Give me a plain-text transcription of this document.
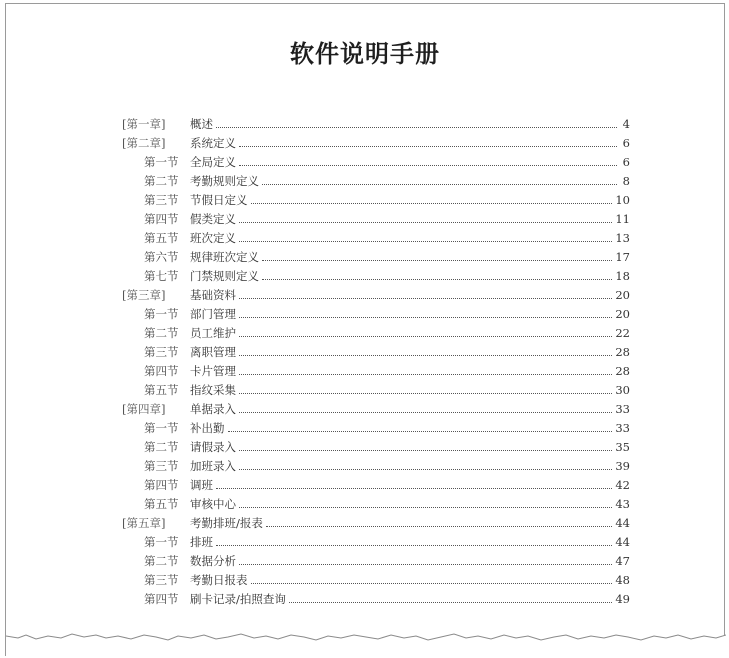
软件说明手册
[第一章]	概述	4
[第二章]	系统定义	6
第一节	全局定义	6
第二节	考勤规则定义	8
第三节	节假日定义	10
第四节	假类定义	11
第五节	班次定义	13
第六节	规律班次定义	17
第七节	门禁规则定义	18
[第三章]	基础资料	20
第一节	部门管理	20
第二节	员工维护	22
第三节	离职管理	28
第四节	卡片管理	28
第五节	指纹采集	30
[第四章]	单据录入	33
第一节	补出勤	33
第二节	请假录入	35
第三节	加班录入	39
第四节	调班	42
第五节	审核中心	43
[第五章]	考勤排班/报表	44
第一节	排班	44
第二节	数据分析	47
第三节	考勤日报表	48
第四节	刷卡记录/拍照查询	49
